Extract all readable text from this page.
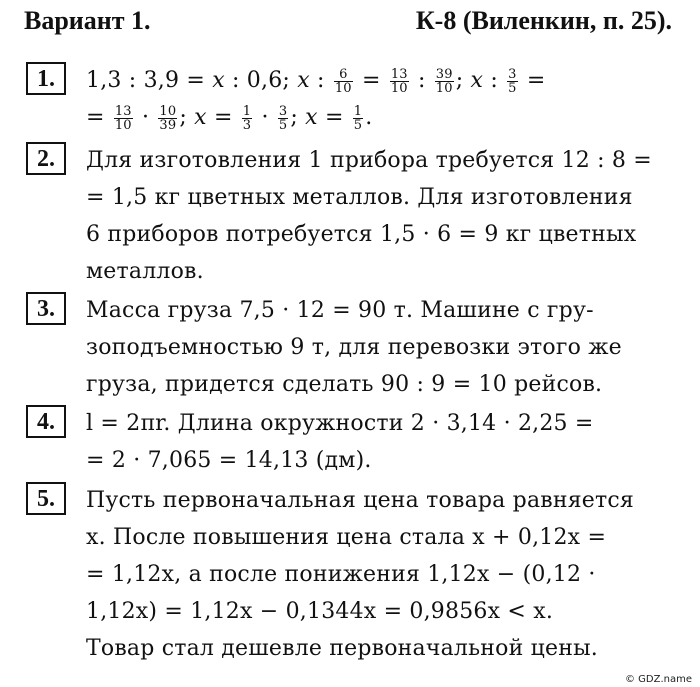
Вариант 1.	К-8 (Виленкин, п. 25).
1.	1,3 : 3,9 = x : 0,6; x : $\frac{6}{10} = \frac{13}{10}$ : $\frac{39}{10}$ ; x : $\frac{3}{5}$ =
= $\frac{13}{10} \cdot \frac{10}{39}$ ; $x = \frac{1}{3} \cdot \frac{3}{5}$ ; $x = \frac{1}{5}$ .
2.	Для изготовления 1 прибора требуется 12 : 8 =
= 1,5 кг цветных металлов. Для изготовления
6 приборов потребуется 1,5 · 6 = 9 кг цветных
металлов.
3.	Масса груза 7,5 · 12 = 90 т. Машине с гру-
зоподъемностью 9 т, для перевозки этого же
груза, придется сделать 90 : 9 = 10 рейсов.
4.	l = 2πr. Длина окружности 2 · 3,14 · 2,25 =
= 2 · 7,065 = 14,13 (дм).
5.	Пусть первоначальная цена товара равняется
x. После повышения цена стала x + 0,12x =
= 1,12x, а после понижения 1,12x − (0,12 ·
1,12x) = 1,12x − 0,1344x = 0,9856x < x.
Товар стал дешевле первоначальной цены.
© GDZ.name
